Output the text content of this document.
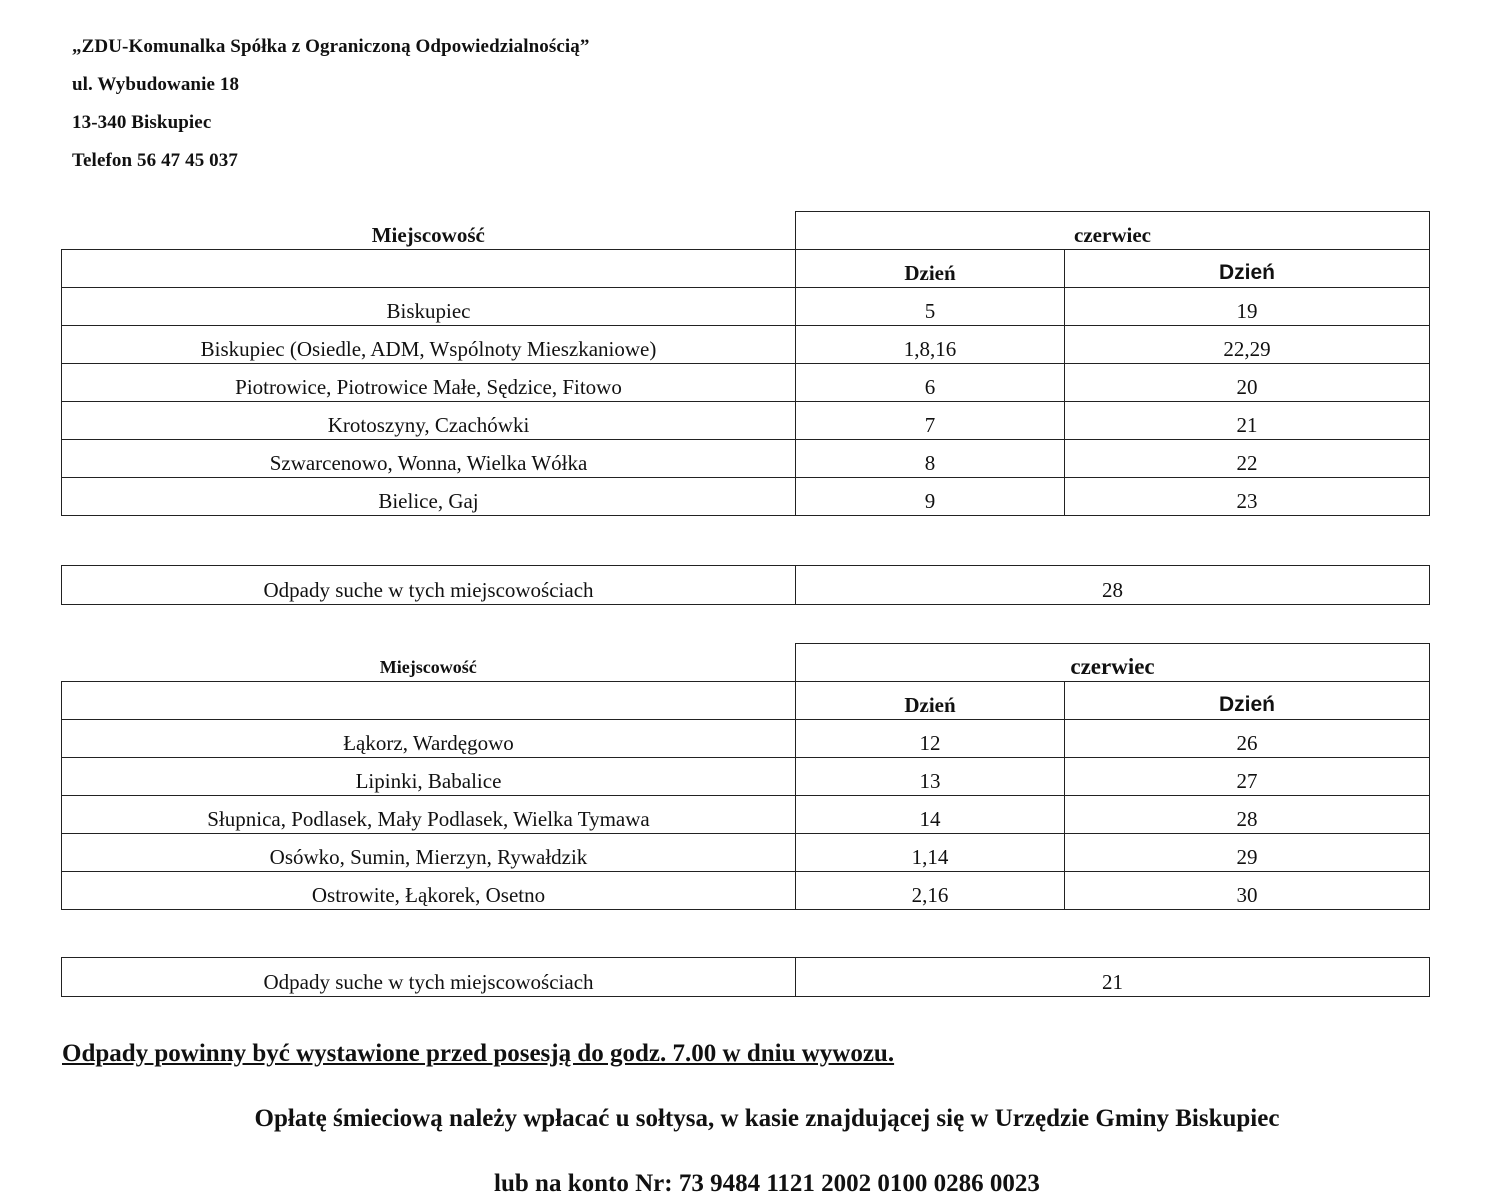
„ZDU-Komunalka Spółka z Ograniczoną Odpowiedzialnością”
ul. Wybudowanie 18
13-340 Biskupiec
Telefon 56 47 45 037
Miejscowość	czerwiec	
	Dzień	Dzień
Biskupiec	5	19
Biskupiec (Osiedle, ADM, Wspólnoty Mieszkaniowe)	1,8,16	22,29
Piotrowice, Piotrowice Małe, Sędzice, Fitowo	6	20
Krotoszyny, Czachówki	7	21
Szwarcenowo, Wonna, Wielka Wółka	8	22
Bielice, Gaj	9	23
Odpady suche w tych miejscowościach	28
Miejscowość	czerwiec	
	Dzień	Dzień
Łąkorz, Wardęgowo	12	26
Lipinki, Babalice	13	27
Słupnica, Podlasek, Mały Podlasek, Wielka Tymawa	14	28
Osówko, Sumin, Mierzyn, Rywałdzik	1,14	29
Ostrowite, Łąkorek, Osetno	2,16	30
Odpady suche w tych miejscowościach	21
Odpady powinny być wystawione przed posesją do godz. 7.00 w dniu wywozu.
Opłatę śmieciową należy wpłacać u sołtysa, w kasie znajdującej się w Urzędzie Gminy Biskupiec
lub na konto Nr: 73 9484 1121 2002 0100 0286 0023
